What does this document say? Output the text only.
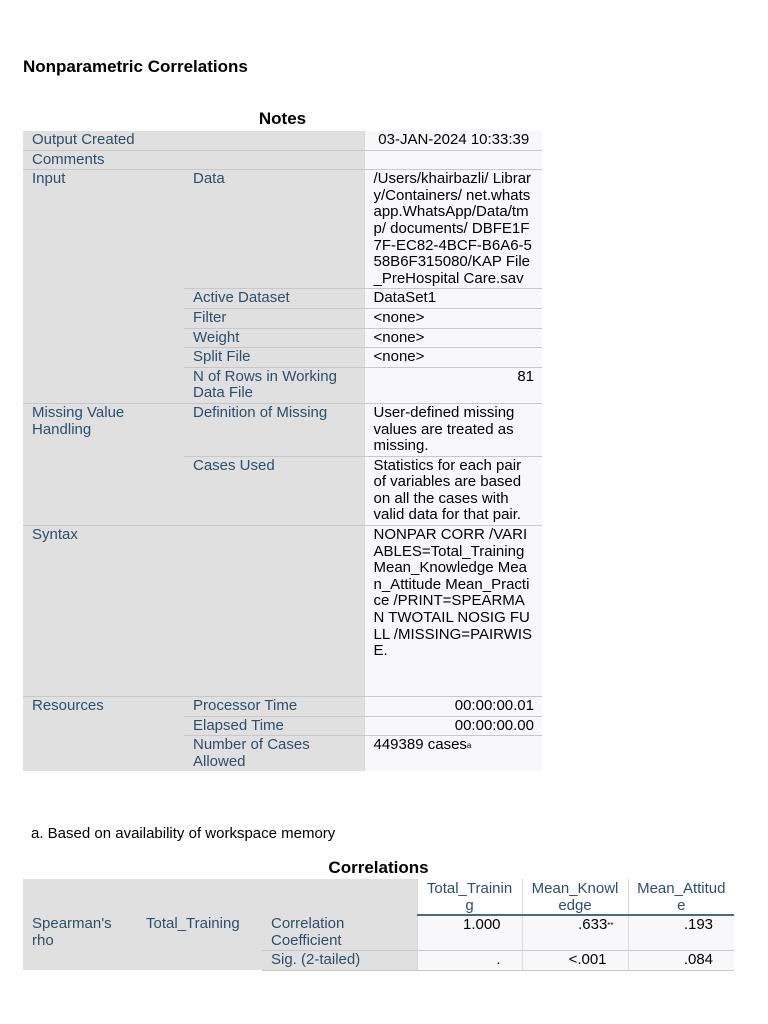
Nonparametric Correlations
Notes
Output Created		03-JAN-2024 10:33:39
Comments		
Input	Data	/Users/khairbazli/ Library/Containers/ net.whatsapp.WhatsApp/Data/tmp/ documents/ DBFE1F7F-EC82-4BCF-B6A6-558B6F315080/KAP File_PreHospital Care.sav
	Active Dataset	DataSet1
	Filter	<none>
	Weight	<none>
	Split File	<none>
	N of Rows in Working Data File	81
Missing Value Handling	Definition of Missing	User-defined missing values are treated as missing.
	Cases Used	Statistics for each pair of variables are based on all the cases with valid data for that pair.
Syntax		NONPAR CORR /VARIABLES=Total_Training Mean_Knowledge Mean_Attitude Mean_Practice /PRINT=SPEARMAN TWOTAIL NOSIG FULL /MISSING=PAIRWISE.
Resources	Processor Time	00:00:00.01
	Elapsed Time	00:00:00.00
	Number of Cases Allowed	449389 cases$^a$
a. Based on availability of workspace memory
Correlations
			Total_Training	Mean_Knowledge	Mean_Attitude
Spearman's rho	Total_Training	Correlation Coefficient	1.000	.633**	.193
		Sig. (2-tailed)	.	<.001	.084
